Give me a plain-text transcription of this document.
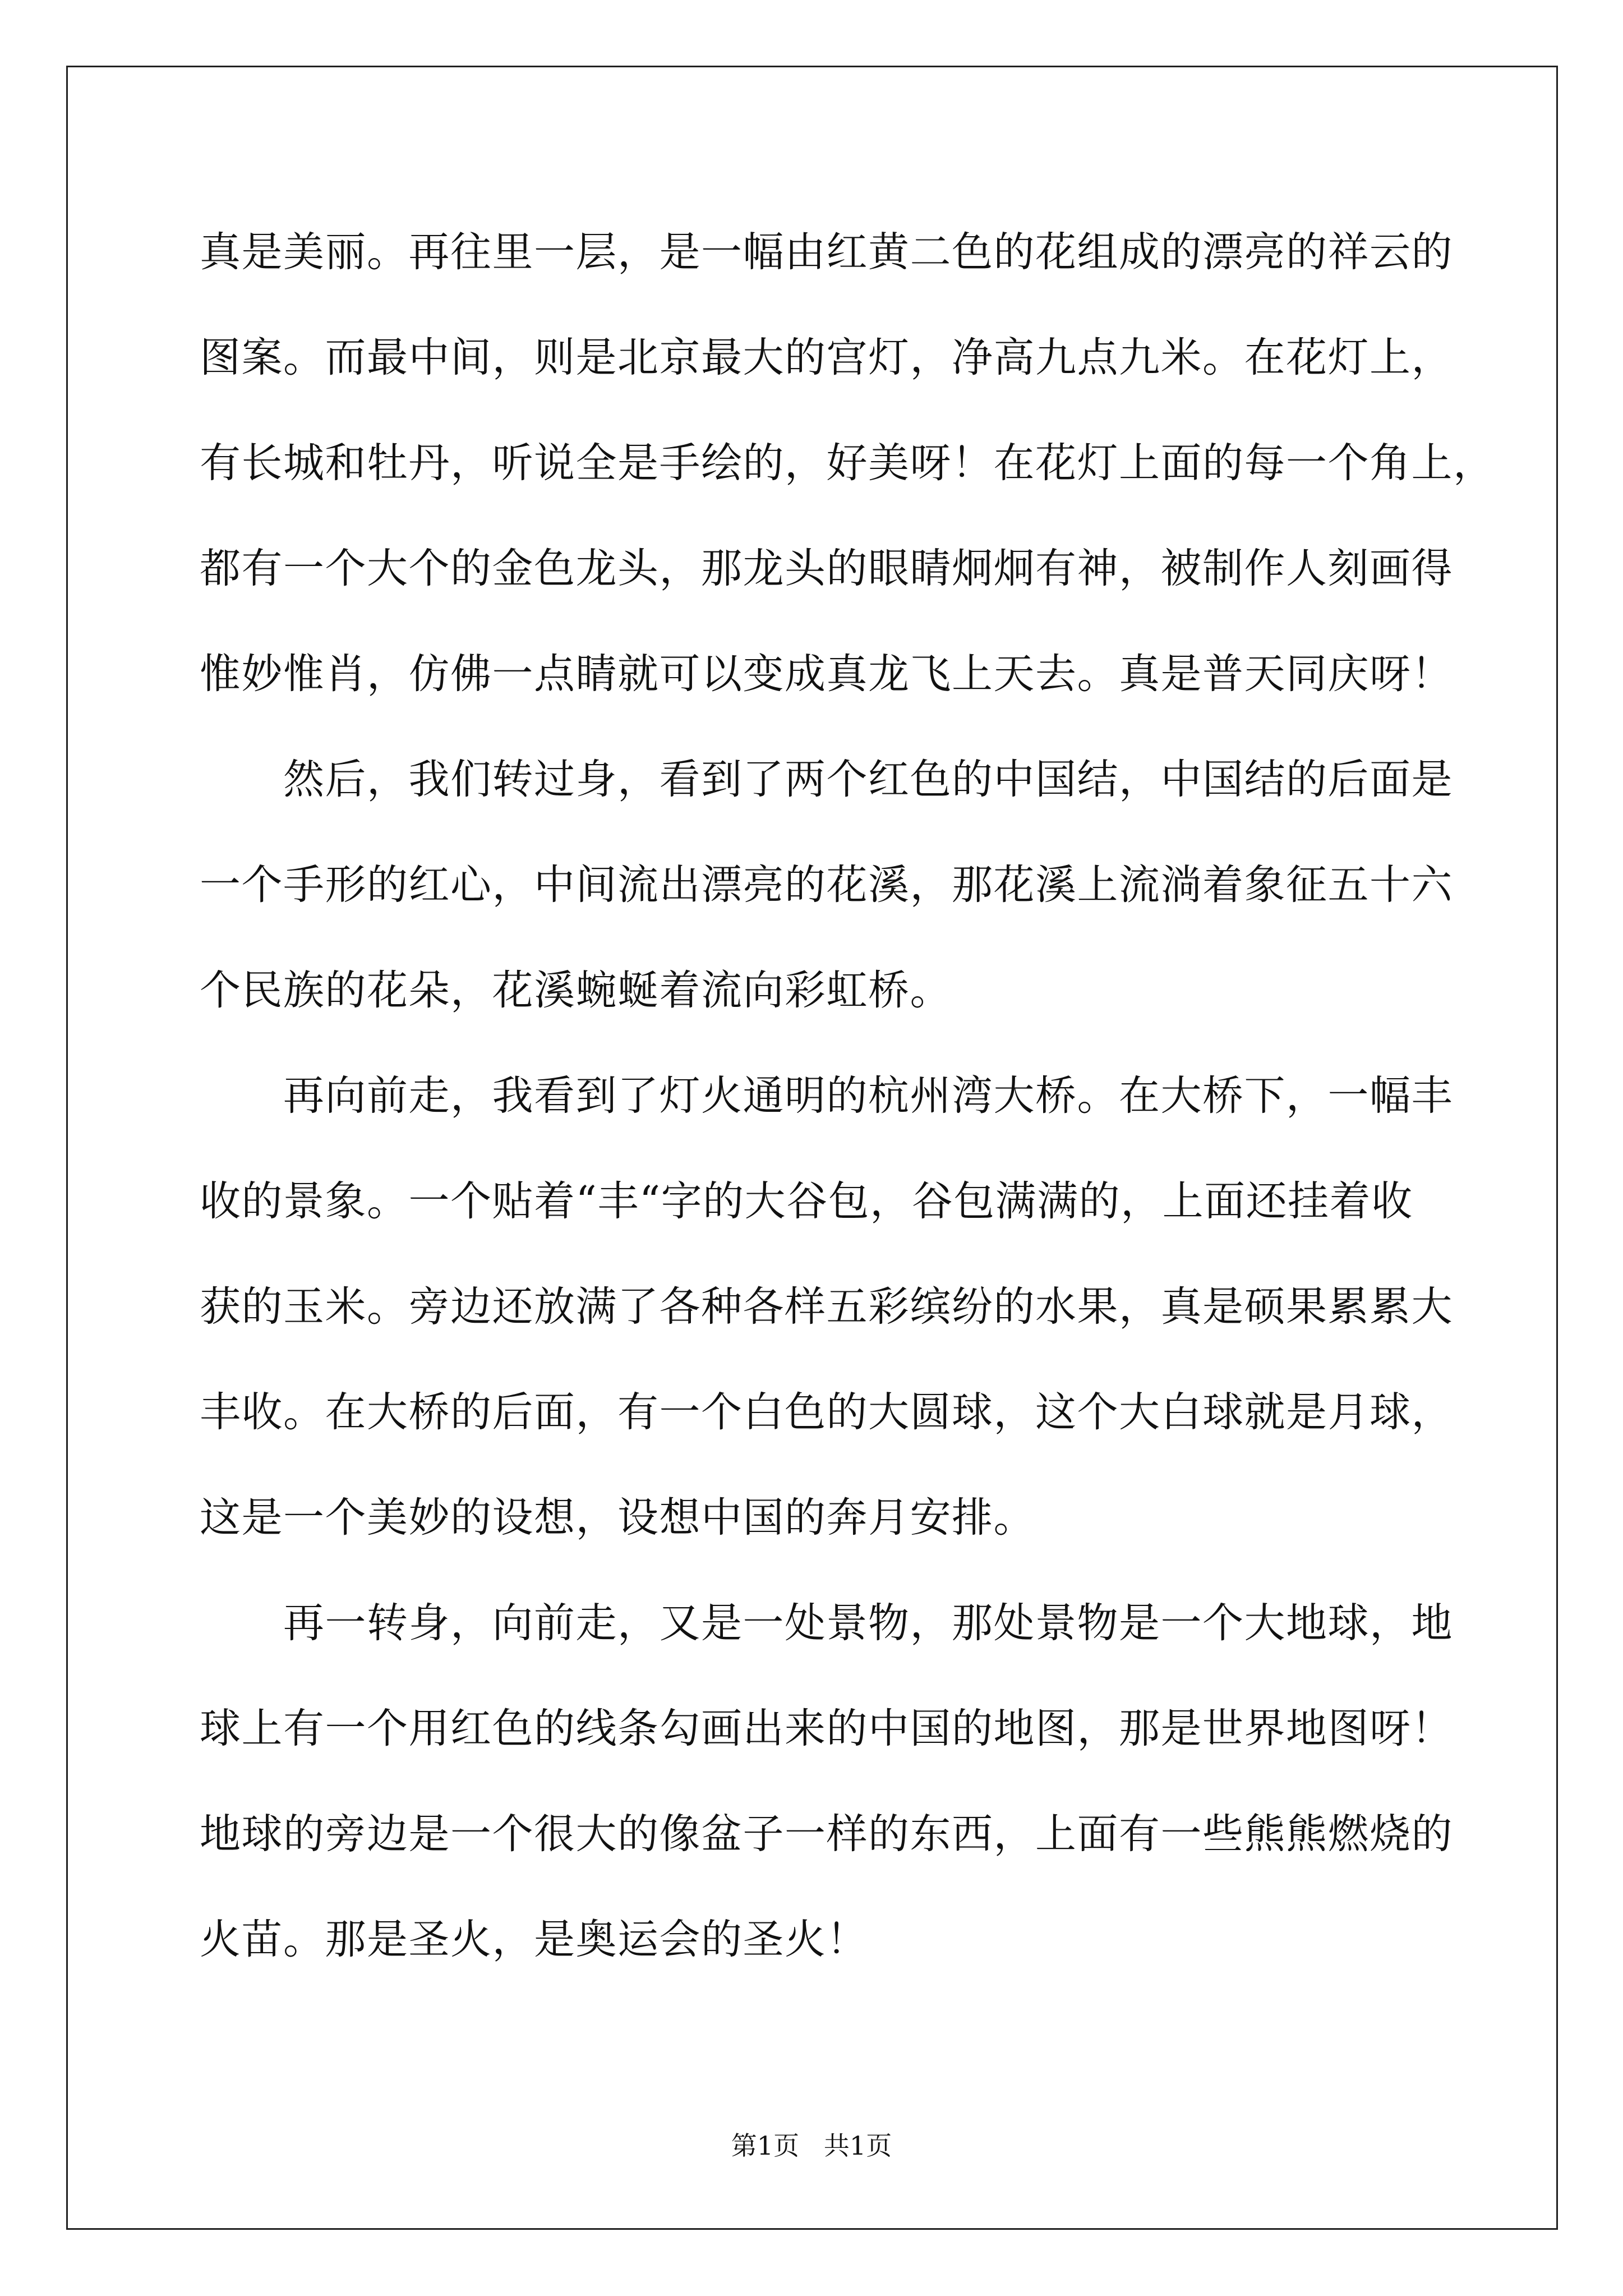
真是美丽。再往里一层，是一幅由红黄二色的花组成的漂亮的祥云的

图案。而最中间，则是北京最大的宫灯，净高九点九米。在花灯上，

有长城和牡丹，听说全是手绘的，好美呀！在花灯上面的每一个角上，

都有一个大个的金色龙头，那龙头的眼睛炯炯有神，被制作人刻画得

惟妙惟肖，仿佛一点睛就可以变成真龙飞上天去。真是普天同庆呀！

　　然后，我们转过身，看到了两个红色的中国结，中国结的后面是

一个手形的红心，中间流出漂亮的花溪，那花溪上流淌着象征五十六

个民族的花朵，花溪蜿蜒着流向彩虹桥。

　　再向前走，我看到了灯火通明的杭州湾大桥。在大桥下，一幅丰

收的景象。一个贴着“丰“字的大谷包，谷包满满的，上面还挂着收

获的玉米。旁边还放满了各种各样五彩缤纷的水果，真是硕果累累大

丰收。在大桥的后面，有一个白色的大圆球，这个大白球就是月球，

这是一个美妙的设想，设想中国的奔月安排。

　　再一转身，向前走，又是一处景物，那处景物是一个大地球，地

球上有一个用红色的线条勾画出来的中国的地图，那是世界地图呀！

地球的旁边是一个很大的像盆子一样的东西，上面有一些熊熊燃烧的

火苗。那是圣火，是奥运会的圣火！

第1页   共1页
